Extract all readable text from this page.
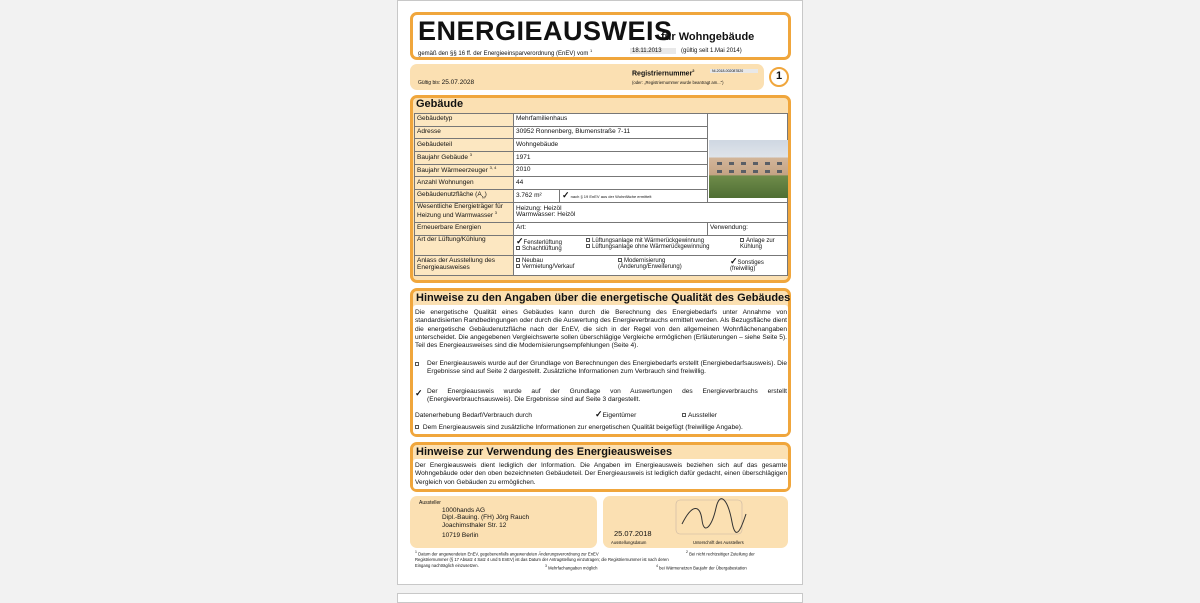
ENERGIEAUSWEIS
für Wohngebäude
gemäß den §§ 16 ff. der Energieeinsparverordnung (EnEV) vom $^1$	18.11.2013	(gültig seit 1.Mai 2014)
Gültig bis: 25.07.2028
Registriernummer$^2$	NI-2018-002087820
(oder: „Registriernummer wurde beantragt am...")
1
Gebäude
Gebäudetyp	Mehrfamilienhaus		
Adresse	30952 Ronnenberg, Blumenstraße 7-11		
Gebäudeteil	Wohngebäude		
Baujahr Gebäude $^3$	1971		
Baujahr Wärmeerzeuger $^{3, 4}$	2010		
Anzahl Wohnungen	44		
Gebäudenutzfläche $(A_N)$	3.762 m²	✓ nach § 19 EnEV aus der Wohnfläche ermittelt	
Wesentliche Energieträger für Heizung und Warmwasser $^3$	Heizung: Heizöl
Warmwasser: Heizöl		

Erneuerbare Energien	Art:		Verwendung:
Art der Lüftung/Kühlung	✓Fensterlüftung
Schachtlüftung
Lüftungsanlage mit Wärmerückgewinnung
Lüftungsanlage ohne Wärmerückgewinnung
Anlage zur Kühlung		

Anlass der Ausstellung des Energieausweises	Neubau
Vermietung/Verkauf
Modernisierung (Änderung/Erweiterung)
✓Sonstiges (freiwillig)		
Hinweise zu den Angaben über die energetische Qualität des Gebäudes
Die energetische Qualität eines Gebäudes kann durch die Berechnung des Energiebedarfs unter Annahme von standardisierten Randbedingungen oder durch die Auswertung des Energieverbrauchs ermittelt werden. Als Bezugsfläche dient die energetische Gebäudenutzfläche nach der EnEV, die sich in der Regel von den allgemeinen Wohnflächenangaben unterscheidet. Die angegebenen Vergleichswerte sollen überschlägige Vergleiche ermöglichen (Erläuterungen – siehe Seite 5). Teil des Energieausweises sind die Modernisierungsempfehlungen (Seite 4).
Der Energieausweis wurde auf der Grundlage von Berechnungen des Energiebedarfs erstellt (Energiebedarfsausweis). Die Ergebnisse sind auf Seite 2 dargestellt. Zusätzliche Informationen zum Verbrauch sind freiwillig.
✓ Der Energieausweis wurde auf der Grundlage von Auswertungen des Energieverbrauchs erstellt (Energieverbrauchsausweis). Die Ergebnisse sind auf Seite 3 dargestellt.
Datenerhebung Bedarf/Verbrauch durch	✓Eigentümer	Aussteller
Dem Energieausweis sind zusätzliche Informationen zur energetischen Qualität beigefügt (freiwillige Angabe).
Hinweise zur Verwendung des Energieausweises
Der Energieausweis dient lediglich der Information. Die Angaben im Energieausweis beziehen sich auf das gesamte Wohngebäude oder den oben bezeichneten Gebäudeteil. Der Energieausweis ist lediglich dafür gedacht, einen überschlägigen Vergleich von Gebäuden zu ermöglichen.
Aussteller
1000hands AG
Dipl.-Bauing. (FH) Jörg Rauch
Joachimsthaler Str. 12
10719 Berlin	25.07.2018
Ausstellungsdatum	Unterschrift des Ausstellers
$^1$ Datum der angewendeten EnEV, gegebenenfalls angewendeten Änderungsverordnung zur EnEV
Registriernummer (§ 17 Absatz 4 Satz 4 und 5 EnEV) ist das Datum der Antragstellung einzutragen; die Registriernummer ist nach deren Eingang nachträglich einzusetzen.
$^2$ Bei nicht rechtzeitiger Zuteilung der
$^3$ Mehrfachangaben möglich	$^4$ bei Wärmenetzen Baujahr der Übergabestation
